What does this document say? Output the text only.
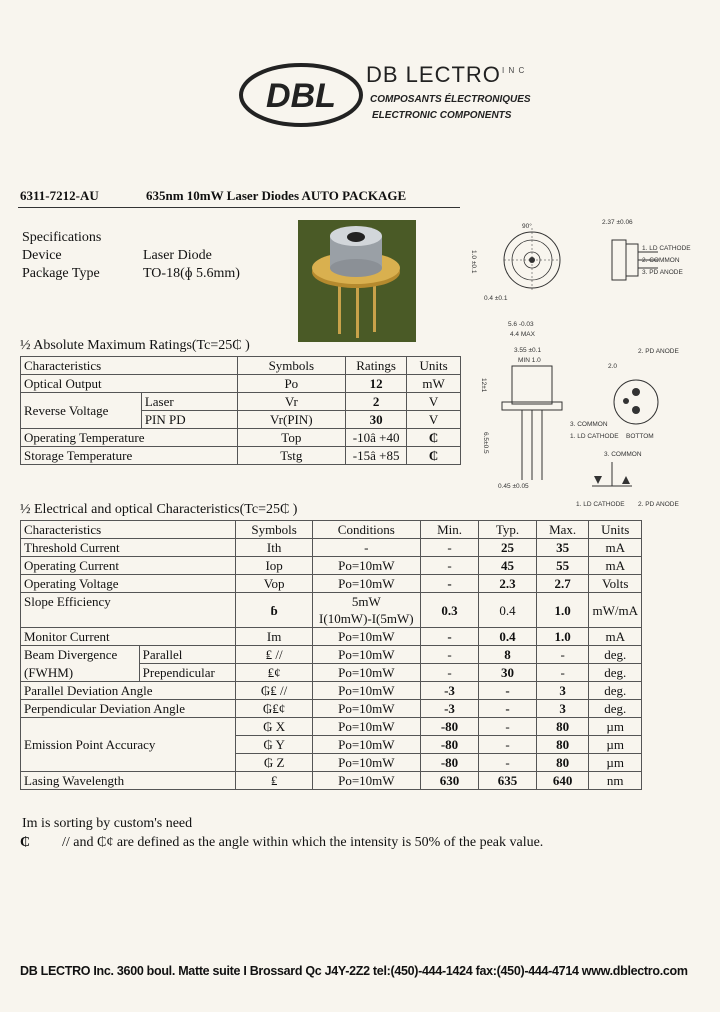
DBL
DB LECTRO I N C
COMPOSANTS ÉLECTRONIQUES
ELECTRONIC COMPONENTS
6311-7212-AU	635nm 10mW Laser Diodes AUTO PACKAGE
Specifications
Device	Laser Diode
Package Type	TO-18(ɸ 5.6mm)
½ Absolute Maximum Ratings(Tc=25₵ )
Characteristics		Symbols	Ratings	Units
Optical Output		Po	12	mW
Reverse Voltage	Laser	Vr	2	V
	PIN PD	Vr(PIN)	30	V
Operating Temperature		Top	-10â +40	₵
Storage Temperature		Tstg	-15â +85	₵
90°
0.4 ±0.1
1.0 ±0.1
2.37 ±0.06
1. LD CATHODE
2. COMMON
3. PD ANODE
5.6 -0.03
4.4 MAX
3.55 ±0.1
MIN 1.0
12±1
6.5±0.5
0.45 ±0.05
2.0
2. PD ANODE
3. COMMON
1. LD CATHODE BOTTOM
3. COMMON
1. LD CATHODE 2. PD ANODE
½ Electrical and optical Characteristics(Tc=25₵ )
Characteristics		Symbols	Conditions	Min.	Typ.	Max.	Units
Threshold Current		Ith	-	-	25	35	mA
Operating Current		Iop	Po=10mW	-	45	55	mA
Operating Voltage		Vop	Po=10mW	-	2.3	2.7	Volts
Slope Efficiency		ɓ	5mW	0.3	0.4	1.0	mW/mA
			I(10mW)-I(5mW)				
Monitor Current		Im	Po=10mW	-	0.4	1.0	mA
Beam Divergence	Parallel	₤ //	Po=10mW	-	8	-	deg.
(FWHM)	Prependicular	₤ȼ	Po=10mW	-	30	-	deg.
Parallel Deviation Angle		₲₤ //	Po=10mW	-3	-	3	deg.
Perpendicular Deviation Angle		₲₤ȼ	Po=10mW	-3	-	3	deg.
Emission Point Accuracy		₲ X	Po=10mW	-80	-	80	µm
		₲ Y	Po=10mW	-80	-	80	µm
		₲ Z	Po=10mW	-80	-	80	µm
Lasing Wavelength		₤	Po=10mW	630	635	640	nm
Im is sorting by custom's need
₵ // and ₵ȼ are defined as the angle within which the intensity is 50% of the peak value.
DB LECTRO Inc. 3600 boul. Matte suite I Brossard Qc J4Y-2Z2 tel:(450)-444-1424 fax:(450)-444-4714 www.dblectro.com
